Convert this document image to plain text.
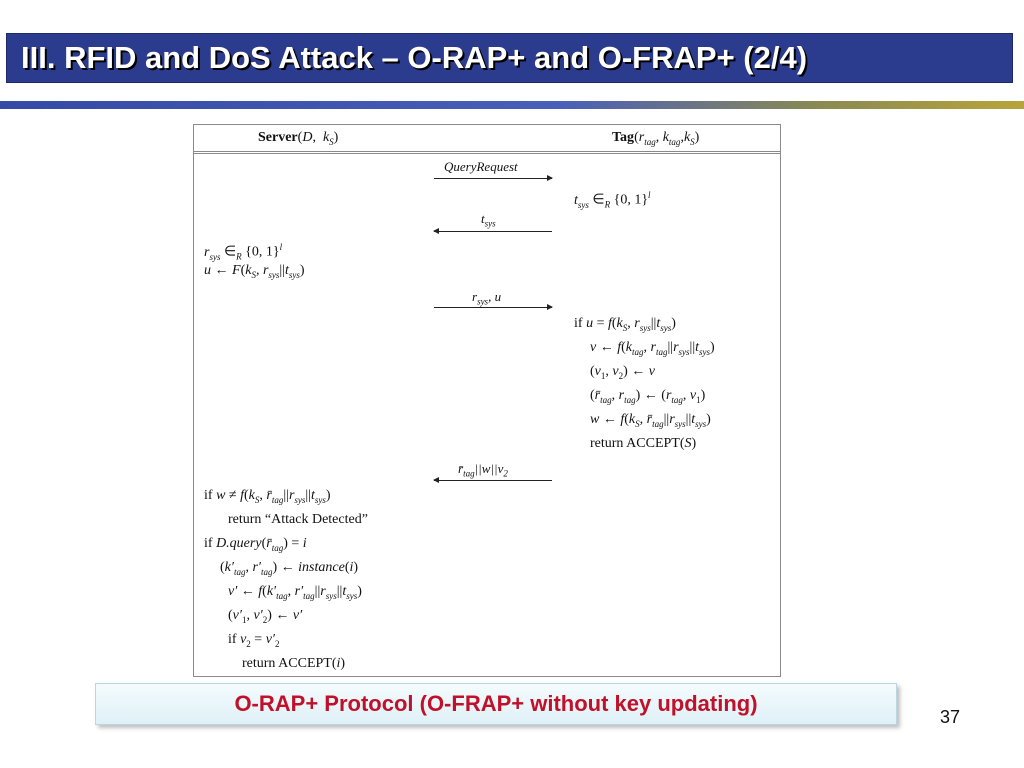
III. RFID and DoS Attack – O-RAP+ and O-FRAP+ (2/4)
Server(D,  $k_S$)	$Tag(r_{tag}$, $k_{tag},k_S$)
QueryRequest
$t_{sys}$ $\in_R$ {0, 1}$^l$
$t_{sys}$
$r_{sys}$ $\in_R$ {0, 1}$^l$
u ← $F(k_S$, $r_{sys}||t_{sys}$)
$r_{sys}$, u
if $u = f(k_S$, $r_{sys}||t_{sys}$)
v ← $f(k_{tag}$, $r_{tag}||r_{sys}||t_{sys}$)
($v_1$, $v_2$) ← v
($r̄_{tag}$, $r_{tag}$) ← ($r_{tag}$, $v_1$)
w ← $f(k_S$, $r̄_{tag}||r_{sys}||t_{sys}$)
return ACCEPT(S)
$r̄_{tag}||w||v_2$
if $w \ne f(k_S$, $r̄_{tag}||r_{sys}||t_{sys}$)
return “Attack Detected”
if $D.query(r̄_{tag}) = i$
($k'_{tag}$, $r'_{tag}$) ← instance(i)
v′ ← $f(k'_{tag}$, $r'_{tag}||r_{sys}||t_{sys}$)
($v'_1$, $v'_2$) ← v′
if $v_2 = v'_2$
return ACCEPT(i)
O-RAP+ Protocol (O-FRAP+ without key updating)
37
